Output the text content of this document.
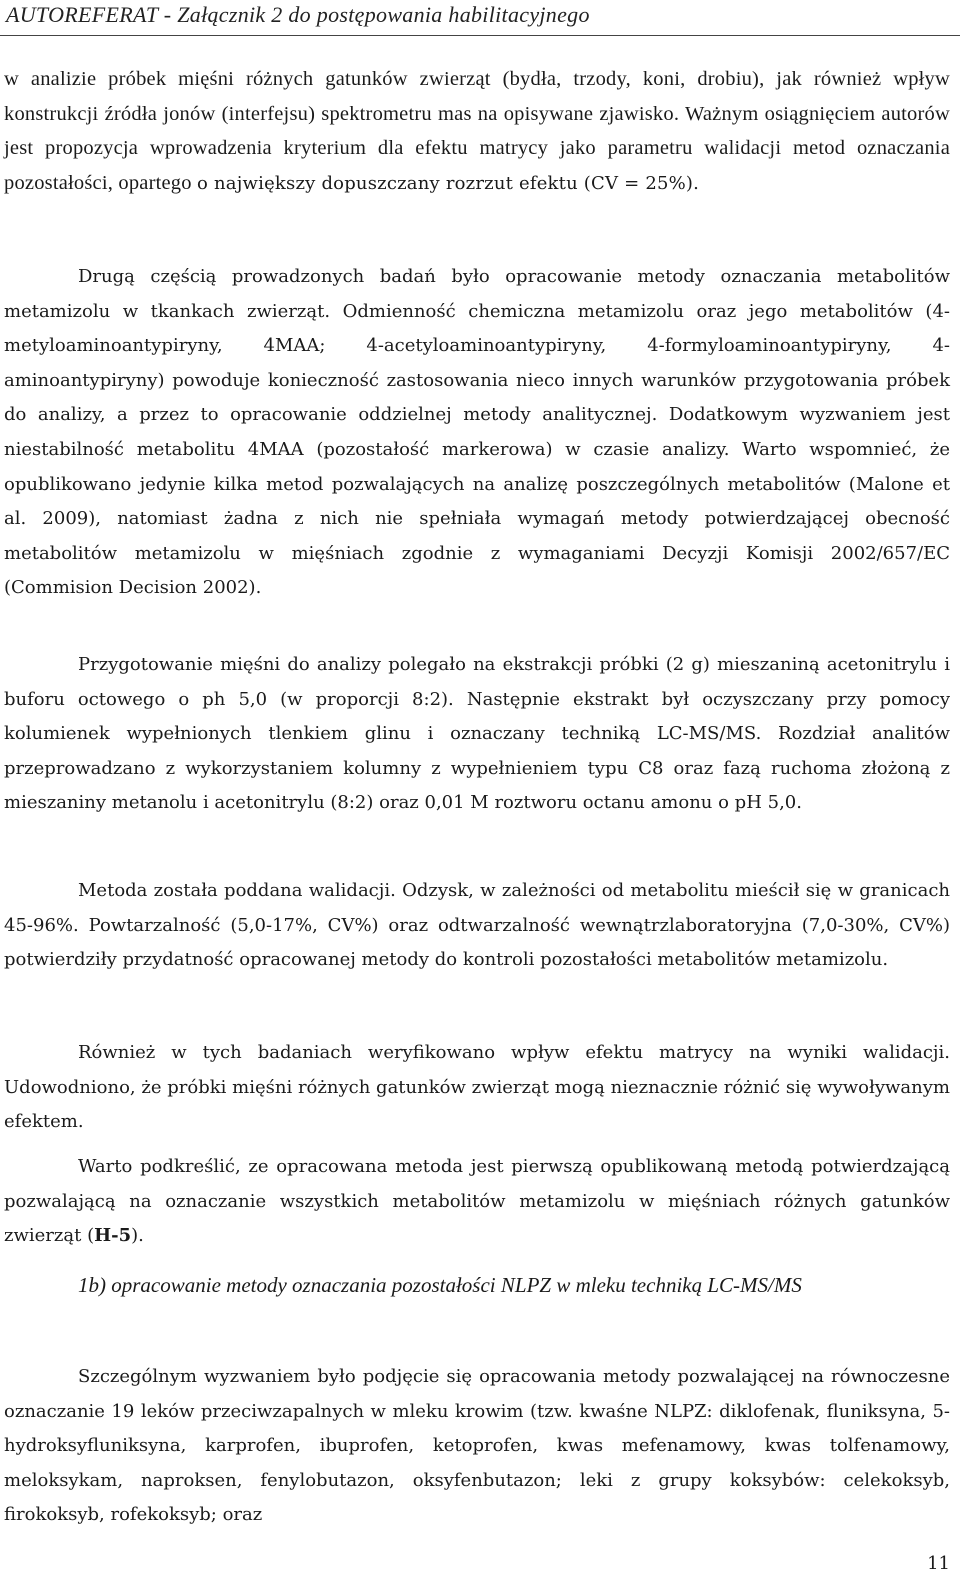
AUTOREFERAT - Załącznik 2 do postępowania habilitacyjnego

w analizie próbek mięśni różnych gatunków zwierząt (bydła, trzody, koni, drobiu), jak również wpływ konstrukcji źródła jonów (interfejsu) spektrometru mas na opisywane zjawisko. Ważnym osiągnięciem autorów jest propozycja wprowadzenia kryterium dla efektu matrycy jako parametru walidacji metod oznaczania pozostałości, opartego o największy dopuszczany rozrzut efektu (CV = 25%).

Drugą częścią prowadzonych badań było opracowanie metody oznaczania metabolitów metamizolu w tkankach zwierząt. Odmienność chemiczna metamizolu oraz jego metabolitów (4-metyloaminoantypiryny, 4MAA; 4-acetyloaminoantypiryny, 4-formyloaminoantypiryny, 4-aminoantypiryny) powoduje konieczność zastosowania nieco innych warunków przygotowania próbek do analizy, a przez to opracowanie oddzielnej metody analitycznej. Dodatkowym wyzwaniem jest niestabilność metabolitu 4MAA (pozostałość markerowa) w czasie analizy. Warto wspomnieć, że opublikowano jedynie kilka metod pozwalających na analizę poszczególnych metabolitów (Malone et al. 2009), natomiast żadna z nich nie spełniała wymagań metody potwierdzającej obecność metabolitów metamizolu w mięśniach zgodnie z wymaganiami Decyzji Komisji 2002/657/EC (Commision Decision 2002).

Przygotowanie mięśni do analizy polegało na ekstrakcji próbki (2 g) mieszaniną acetonitrylu i buforu octowego o ph 5,0 (w proporcji 8:2). Następnie ekstrakt był oczyszczany przy pomocy kolumienek wypełnionych tlenkiem glinu i oznaczany techniką LC-MS/MS. Rozdział analitów przeprowadzano z wykorzystaniem kolumny z wypełnieniem typu C8 oraz fazą ruchoma złożoną z mieszaniny metanolu i acetonitrylu (8:2) oraz 0,01 M roztworu octanu amonu o pH 5,0.

Metoda została poddana walidacji. Odzysk, w zależności od metabolitu mieścił się w granicach 45-96%. Powtarzalność (5,0-17%, CV%) oraz odtwarzalność wewnątrzlaboratoryjna (7,0-30%, CV%) potwierdziły przydatność opracowanej metody do kontroli pozostałości metabolitów metamizolu.

Również w tych badaniach weryfikowano wpływ efektu matrycy na wyniki walidacji. Udowodniono, że próbki mięśni różnych gatunków zwierząt mogą nieznacznie różnić się wywoływanym efektem.

Warto podkreślić, ze opracowana metoda jest pierwszą opublikowaną metodą potwierdzającą pozwalającą na oznaczanie wszystkich metabolitów metamizolu w mięśniach różnych gatunków zwierząt (H-5).

1b) opracowanie metody oznaczania pozostałości NLPZ w mleku techniką LC-MS/MS

Szczególnym wyzwaniem było podjęcie się opracowania metody pozwalającej na równoczesne oznaczanie 19 leków przeciwzapalnych w mleku krowim (tzw. kwaśne NLPZ: diklofenak, fluniksyna, 5-hydroksyfluniksyna, karprofen, ibuprofen, ketoprofen, kwas mefenamowy, kwas tolfenamowy, meloksykam, naproksen, fenylobutazon, oksyfenbutazon; leki z grupy koksybów: celekoksyb, firokoksyb, rofekoksyb; oraz

11
